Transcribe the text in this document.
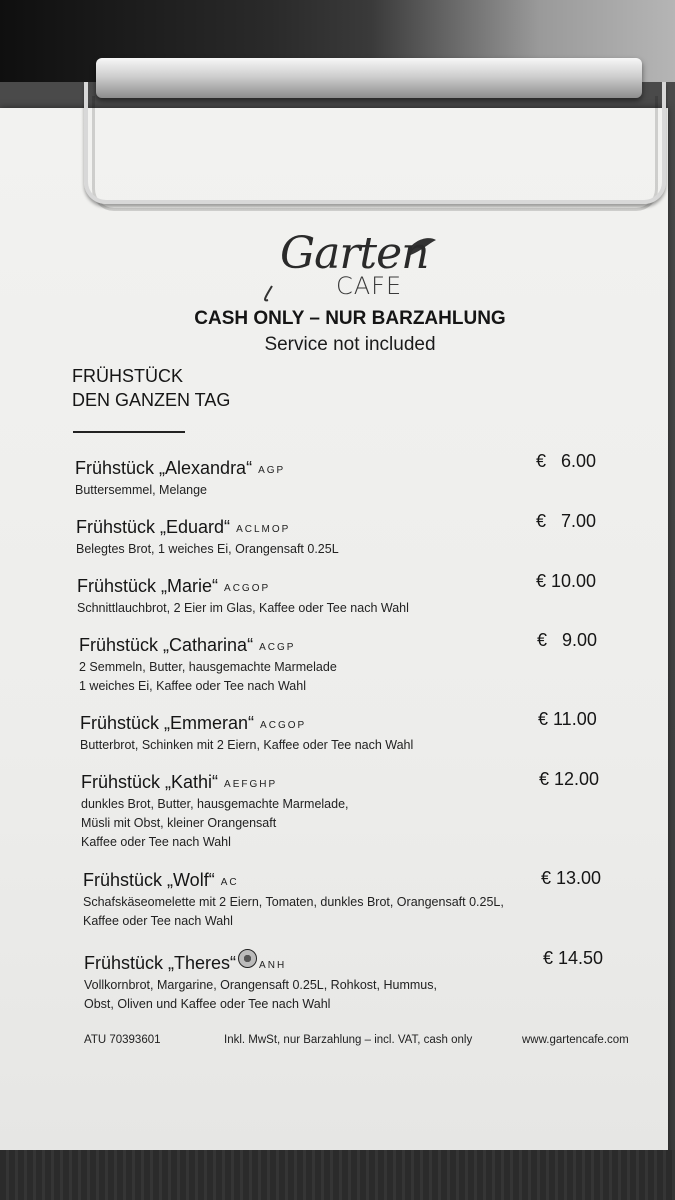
Garten
CAFE
CASH ONLY – NUR BARZAHLUNG
Service not included
FRÜHSTÜCK
DEN GANZEN TAG
Frühstück „Alexandra“ AGP
Buttersemmel, Melange
€   6.00
Frühstück „Eduard“ ACLMOP
Belegtes Brot, 1 weiches Ei, Orangensaft 0.25L
€   7.00
Frühstück „Marie“ ACGOP
Schnittlauchbrot, 2 Eier im Glas, Kaffee oder Tee nach Wahl
€ 10.00
Frühstück „Catharina“ ACGP
2 Semmeln, Butter, hausgemachte Marmelade
1 weiches Ei, Kaffee oder Tee nach Wahl
€   9.00
Frühstück „Emmeran“ ACGOP
Butterbrot, Schinken mit 2 Eiern, Kaffee oder Tee nach Wahl
€ 11.00
Frühstück „Kathi“ AEFGHP
dunkles Brot, Butter, hausgemachte Marmelade,
Müsli mit Obst, kleiner Orangensaft
Kaffee oder Tee nach Wahl
€ 12.00
Frühstück „Wolf“ AC
Schafskäseomelette mit 2 Eiern, Tomaten, dunkles Brot, Orangensaft 0.25L,
Kaffee oder Tee nach Wahl
€ 13.00
Frühstück „Theres“ ANH
Vollkornbrot, Margarine, Orangensaft 0.25L, Rohkost, Hummus,
Obst, Oliven und Kaffee oder Tee nach Wahl
€ 14.50
ATU 70393601	Inkl. MwSt, nur Barzahlung – incl. VAT, cash only	www.gartencafe.com
